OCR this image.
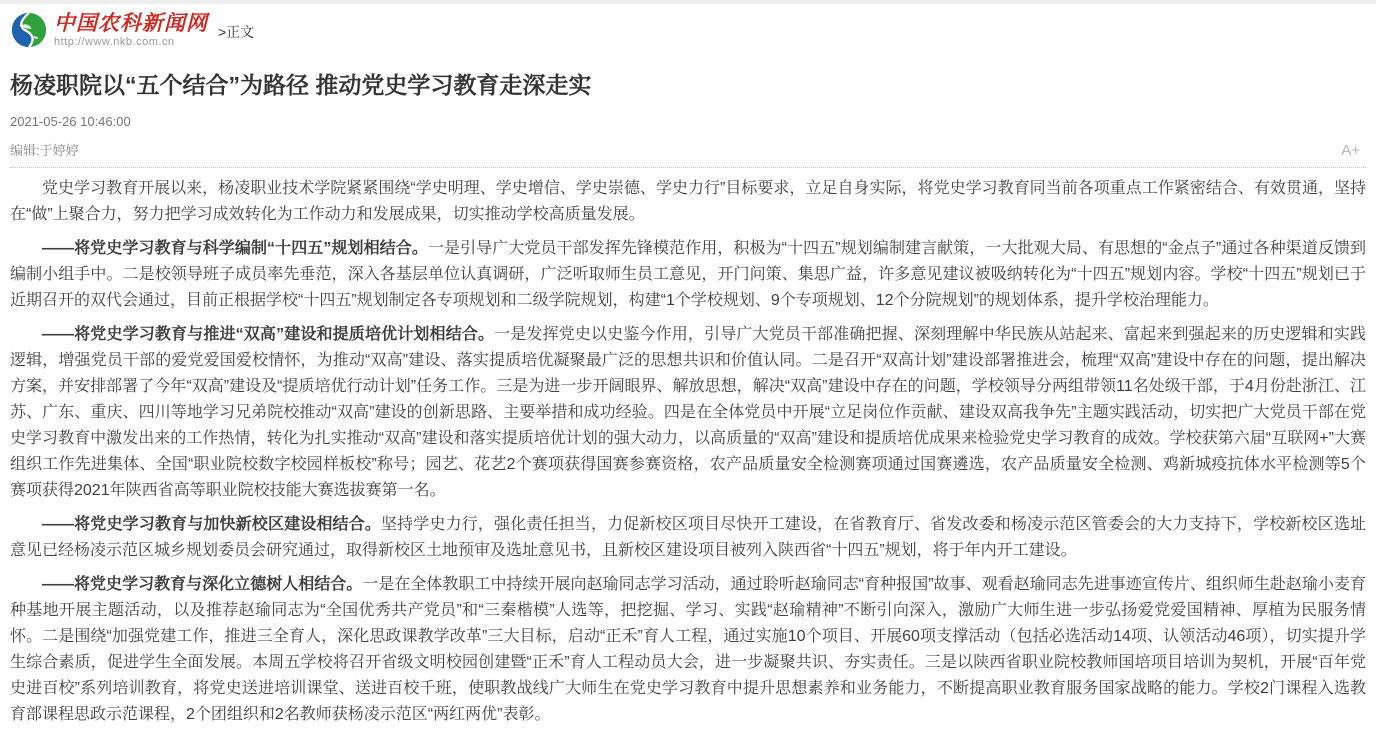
中国农科新闻网
http://www.nkb.com.cn
>正文
杨凌职院以“五个结合”为路径 推动党史学习教育走深走实
2021-05-26 10:46:00
编辑:于婷婷	A+

党史学习教育开展以来，杨凌职业技术学院紧紧围绕“学史明理、学史增信、学史崇德、学史力行”目标要求，立足自身实际，将党史学习教育同当前各项重点工作紧密结合、有效贯通，坚持在“做”上聚合力，努力把学习成效转化为工作动力和发展成果，切实推动学校高质量发展。

——将党史学习教育与科学编制“十四五”规划相结合。一是引导广大党员干部发挥先锋模范作用，积极为“十四五”规划编制建言献策，一大批观大局、有思想的“金点子”通过各种渠道反馈到编制小组手中。二是校领导班子成员率先垂范，深入各基层单位认真调研，广泛听取师生员工意见，开门问策、集思广益，许多意见建议被吸纳转化为“十四五”规划内容。学校“十四五”规划已于近期召开的双代会通过，目前正根据学校“十四五”规划制定各专项规划和二级学院规划，构建“1个学校规划、9个专项规划、12个分院规划”的规划体系，提升学校治理能力。

——将党史学习教育与推进“双高”建设和提质培优计划相结合。一是发挥党史以史鉴今作用，引导广大党员干部准确把握、深刻理解中华民族从站起来、富起来到强起来的历史逻辑和实践逻辑，增强党员干部的爱党爱国爱校情怀，为推动“双高”建设、落实提质培优凝聚最广泛的思想共识和价值认同。二是召开“双高计划”建设部署推进会，梳理“双高”建设中存在的问题，提出解决方案，并安排部署了今年“双高”建设及“提质培优行动计划”任务工作。三是为进一步开阔眼界、解放思想，解决“双高”建设中存在的问题，学校领导分两组带领11名处级干部，于4月份赴浙江、江苏、广东、重庆、四川等地学习兄弟院校推动“双高”建设的创新思路、主要举措和成功经验。四是在全体党员中开展“立足岗位作贡献、建设双高我争先”主题实践活动，切实把广大党员干部在党史学习教育中激发出来的工作热情，转化为扎实推动“双高”建设和落实提质培优计划的强大动力，以高质量的“双高”建设和提质培优成果来检验党史学习教育的成效。学校获第六届“互联网+”大赛组织工作先进集体、全国“职业院校数字校园样板校”称号；园艺、花艺2个赛项获得国赛参赛资格，农产品质量安全检测赛项通过国赛遴选，农产品质量安全检测、鸡新城疫抗体水平检测等5个赛项获得2021年陕西省高等职业院校技能大赛选拔赛第一名。

——将党史学习教育与加快新校区建设相结合。坚持学史力行，强化责任担当，力促新校区项目尽快开工建设，在省教育厅、省发改委和杨凌示范区管委会的大力支持下，学校新校区选址意见已经杨凌示范区城乡规划委员会研究通过，取得新校区土地预审及选址意见书，且新校区建设项目被列入陕西省“十四五”规划，将于年内开工建设。

——将党史学习教育与深化立德树人相结合。一是在全体教职工中持续开展向赵瑜同志学习活动，通过聆听赵瑜同志“育种报国”故事、观看赵瑜同志先进事迹宣传片、组织师生赴赵瑜小麦育种基地开展主题活动，以及推荐赵瑜同志为“全国优秀共产党员”和“三秦楷模”人选等，把挖掘、学习、实践“赵瑜精神”不断引向深入，激励广大师生进一步弘扬爱党爱国精神、厚植为民服务情怀。二是围绕“加强党建工作，推进三全育人，深化思政课教学改革”三大目标，启动“正禾”育人工程，通过实施10个项目、开展60项支撑活动（包括必选活动14项、认领活动46项），切实提升学生综合素质，促进学生全面发展。本周五学校将召开省级文明校园创建暨“正禾”育人工程动员大会，进一步凝聚共识、夯实责任。三是以陕西省职业院校教师国培项目培训为契机，开展“百年党史进百校”系列培训教育，将党史送进培训课堂、送进百校千班，使职教战线广大师生在党史学习教育中提升思想素养和业务能力，不断提高职业教育服务国家战略的能力。学校2门课程入选教育部课程思政示范课程，2个团组织和2名教师获杨凌示范区“两红两优”表彰。
